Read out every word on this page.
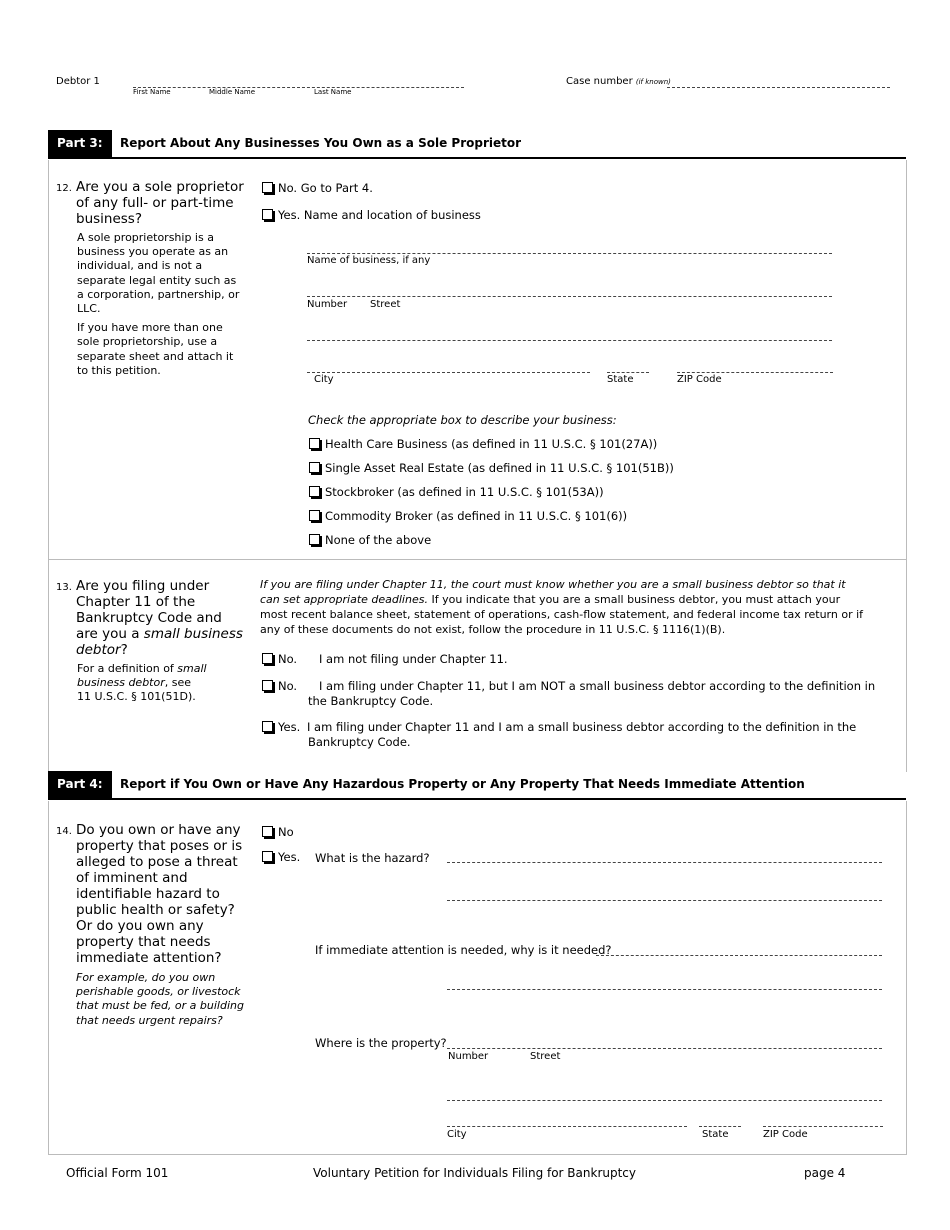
Debtor 1
First Name	Middle Name	Last Name
Case number (if known)
Part 3:	Report About Any Businesses You Own as a Sole Proprietor
12. Are you a sole proprietor
of any full- or part-time
business?
A sole proprietorship is a
business you operate as an
individual, and is not a
separate legal entity such as
a corporation, partnership, or
LLC.
If you have more than one
sole proprietorship, use a
separate sheet and attach it
to this petition.
No. Go to Part 4.
Yes. Name and location of business
Name of business, if any
Number Street
City	State	ZIP Code
Check the appropriate box to describe your business:
Health Care Business (as defined in 11 U.S.C. § 101(27A))
Single Asset Real Estate (as defined in 11 U.S.C. § 101(51B))
Stockbroker (as defined in 11 U.S.C. § 101(53A))
Commodity Broker (as defined in 11 U.S.C. § 101(6))
None of the above
13. Are you filing under
Chapter 11 of the
Bankruptcy Code and
are you a small business
debtor?
For a definition of small
business debtor, see
11 U.S.C. § 101(51D).
If you are filing under Chapter 11, the court must know whether you are a small business debtor so that it
can set appropriate deadlines. If you indicate that you are a small business debtor, you must attach your
most recent balance sheet, statement of operations, cash-flow statement, and federal income tax return or if
any of these documents do not exist, follow the procedure in 11 U.S.C. § 1116(1)(B).
No. I am not filing under Chapter 11.
No. I am filing under Chapter 11, but I am NOT a small business debtor according to the definition in
the Bankruptcy Code.
Yes. I am filing under Chapter 11 and I am a small business debtor according to the definition in the
Bankruptcy Code.
Part 4:	Report if You Own or Have Any Hazardous Property or Any Property That Needs Immediate Attention
14. Do you own or have any
property that poses or is
alleged to pose a threat
of imminent and
identifiable hazard to
public health or safety?
Or do you own any
property that needs
immediate attention?
For example, do you own
perishable goods, or livestock
that must be fed, or a building
that needs urgent repairs?
No
Yes. What is the hazard?
If immediate attention is needed, why is it needed?
Where is the property?
Number	Street
City	State	ZIP Code
Official Form 101	Voluntary Petition for Individuals Filing for Bankruptcy	page 4
